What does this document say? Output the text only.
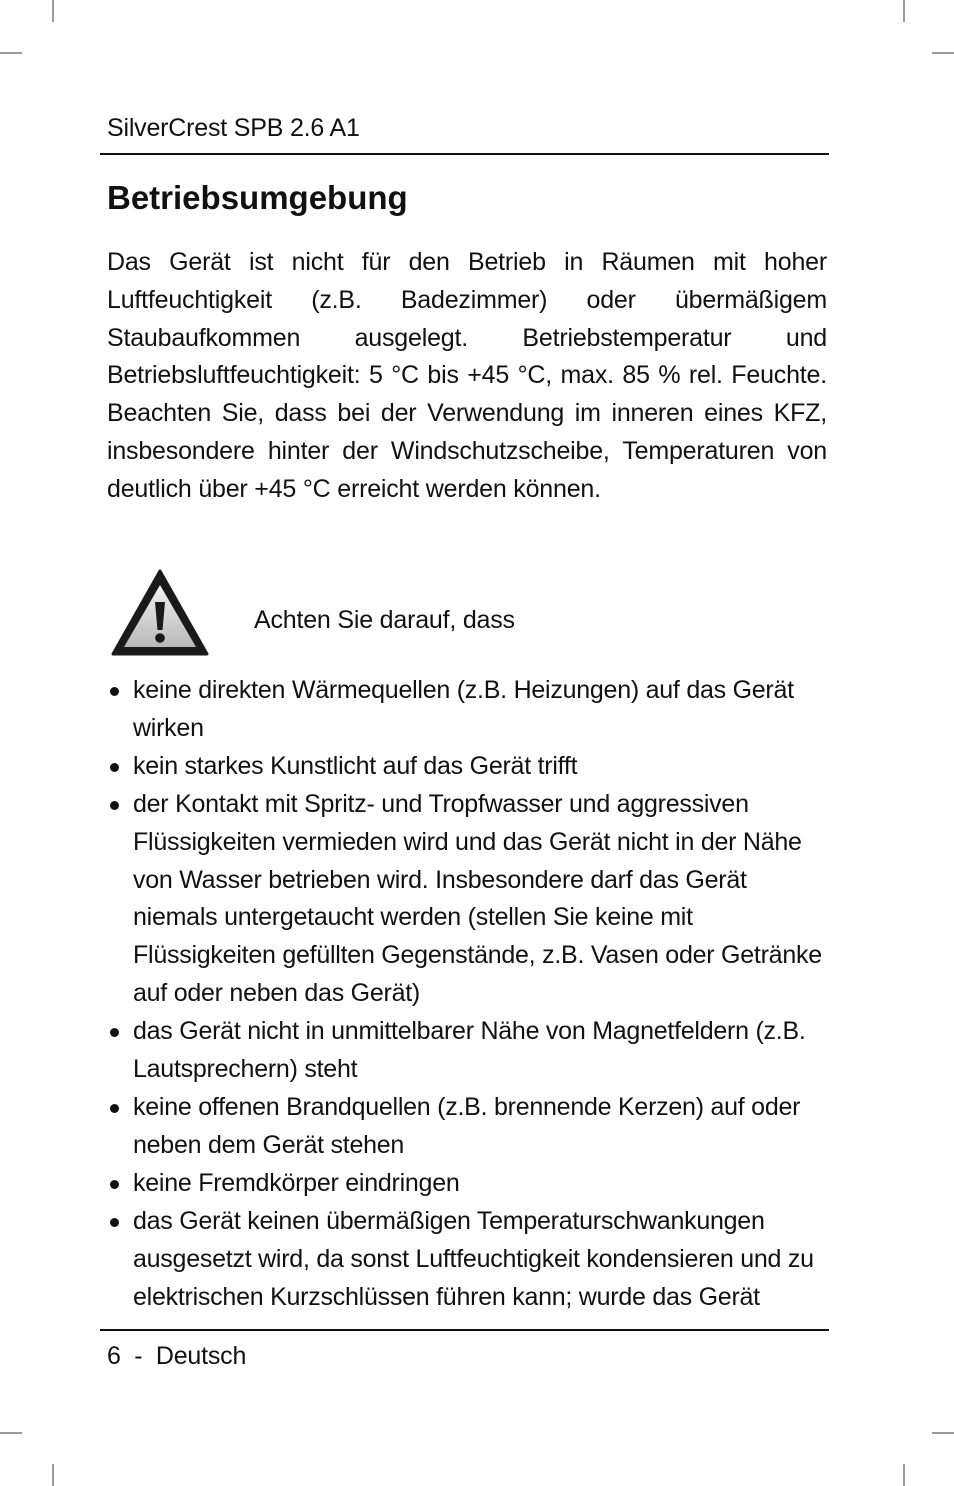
SilverCrest SPB 2.6 A1
Betriebsumgebung

Das Gerät ist nicht für den Betrieb in Räumen mit hoher Luftfeuchtigkeit (z.B. Badezimmer) oder übermäßigem Staubaufkommen ausgelegt. Betriebstemperatur und Betriebsluftfeuchtigkeit: 5 °C bis +45 °C, max. 85 % rel. Feuchte. Beachten Sie, dass bei der Verwendung im inneren eines KFZ, insbesondere hinter der Windschutzscheibe, Temperaturen von deutlich über +45 °C erreicht werden können.

Achten Sie darauf, dass
keine direkten Wärmequellen (z.B. Heizungen) auf das Gerät wirken
kein starkes Kunstlicht auf das Gerät trifft
der Kontakt mit Spritz- und Tropfwasser und aggressiven Flüssigkeiten vermieden wird und das Gerät nicht in der Nähe von Wasser betrieben wird. Insbesondere darf das Gerät niemals untergetaucht werden (stellen Sie keine mit Flüssigkeiten gefüllten Gegenstände, z.B. Vasen oder Getränke auf oder neben das Gerät)
das Gerät nicht in unmittelbarer Nähe von Magnetfeldern (z.B. Lautsprechern) steht
keine offenen Brandquellen (z.B. brennende Kerzen) auf oder neben dem Gerät stehen
keine Fremdkörper eindringen
das Gerät keinen übermäßigen Temperaturschwankungen ausgesetzt wird, da sonst Luftfeuchtigkeit kondensieren und zu elektrischen Kurzschlüssen führen kann; wurde das Gerät
6 - Deutsch
